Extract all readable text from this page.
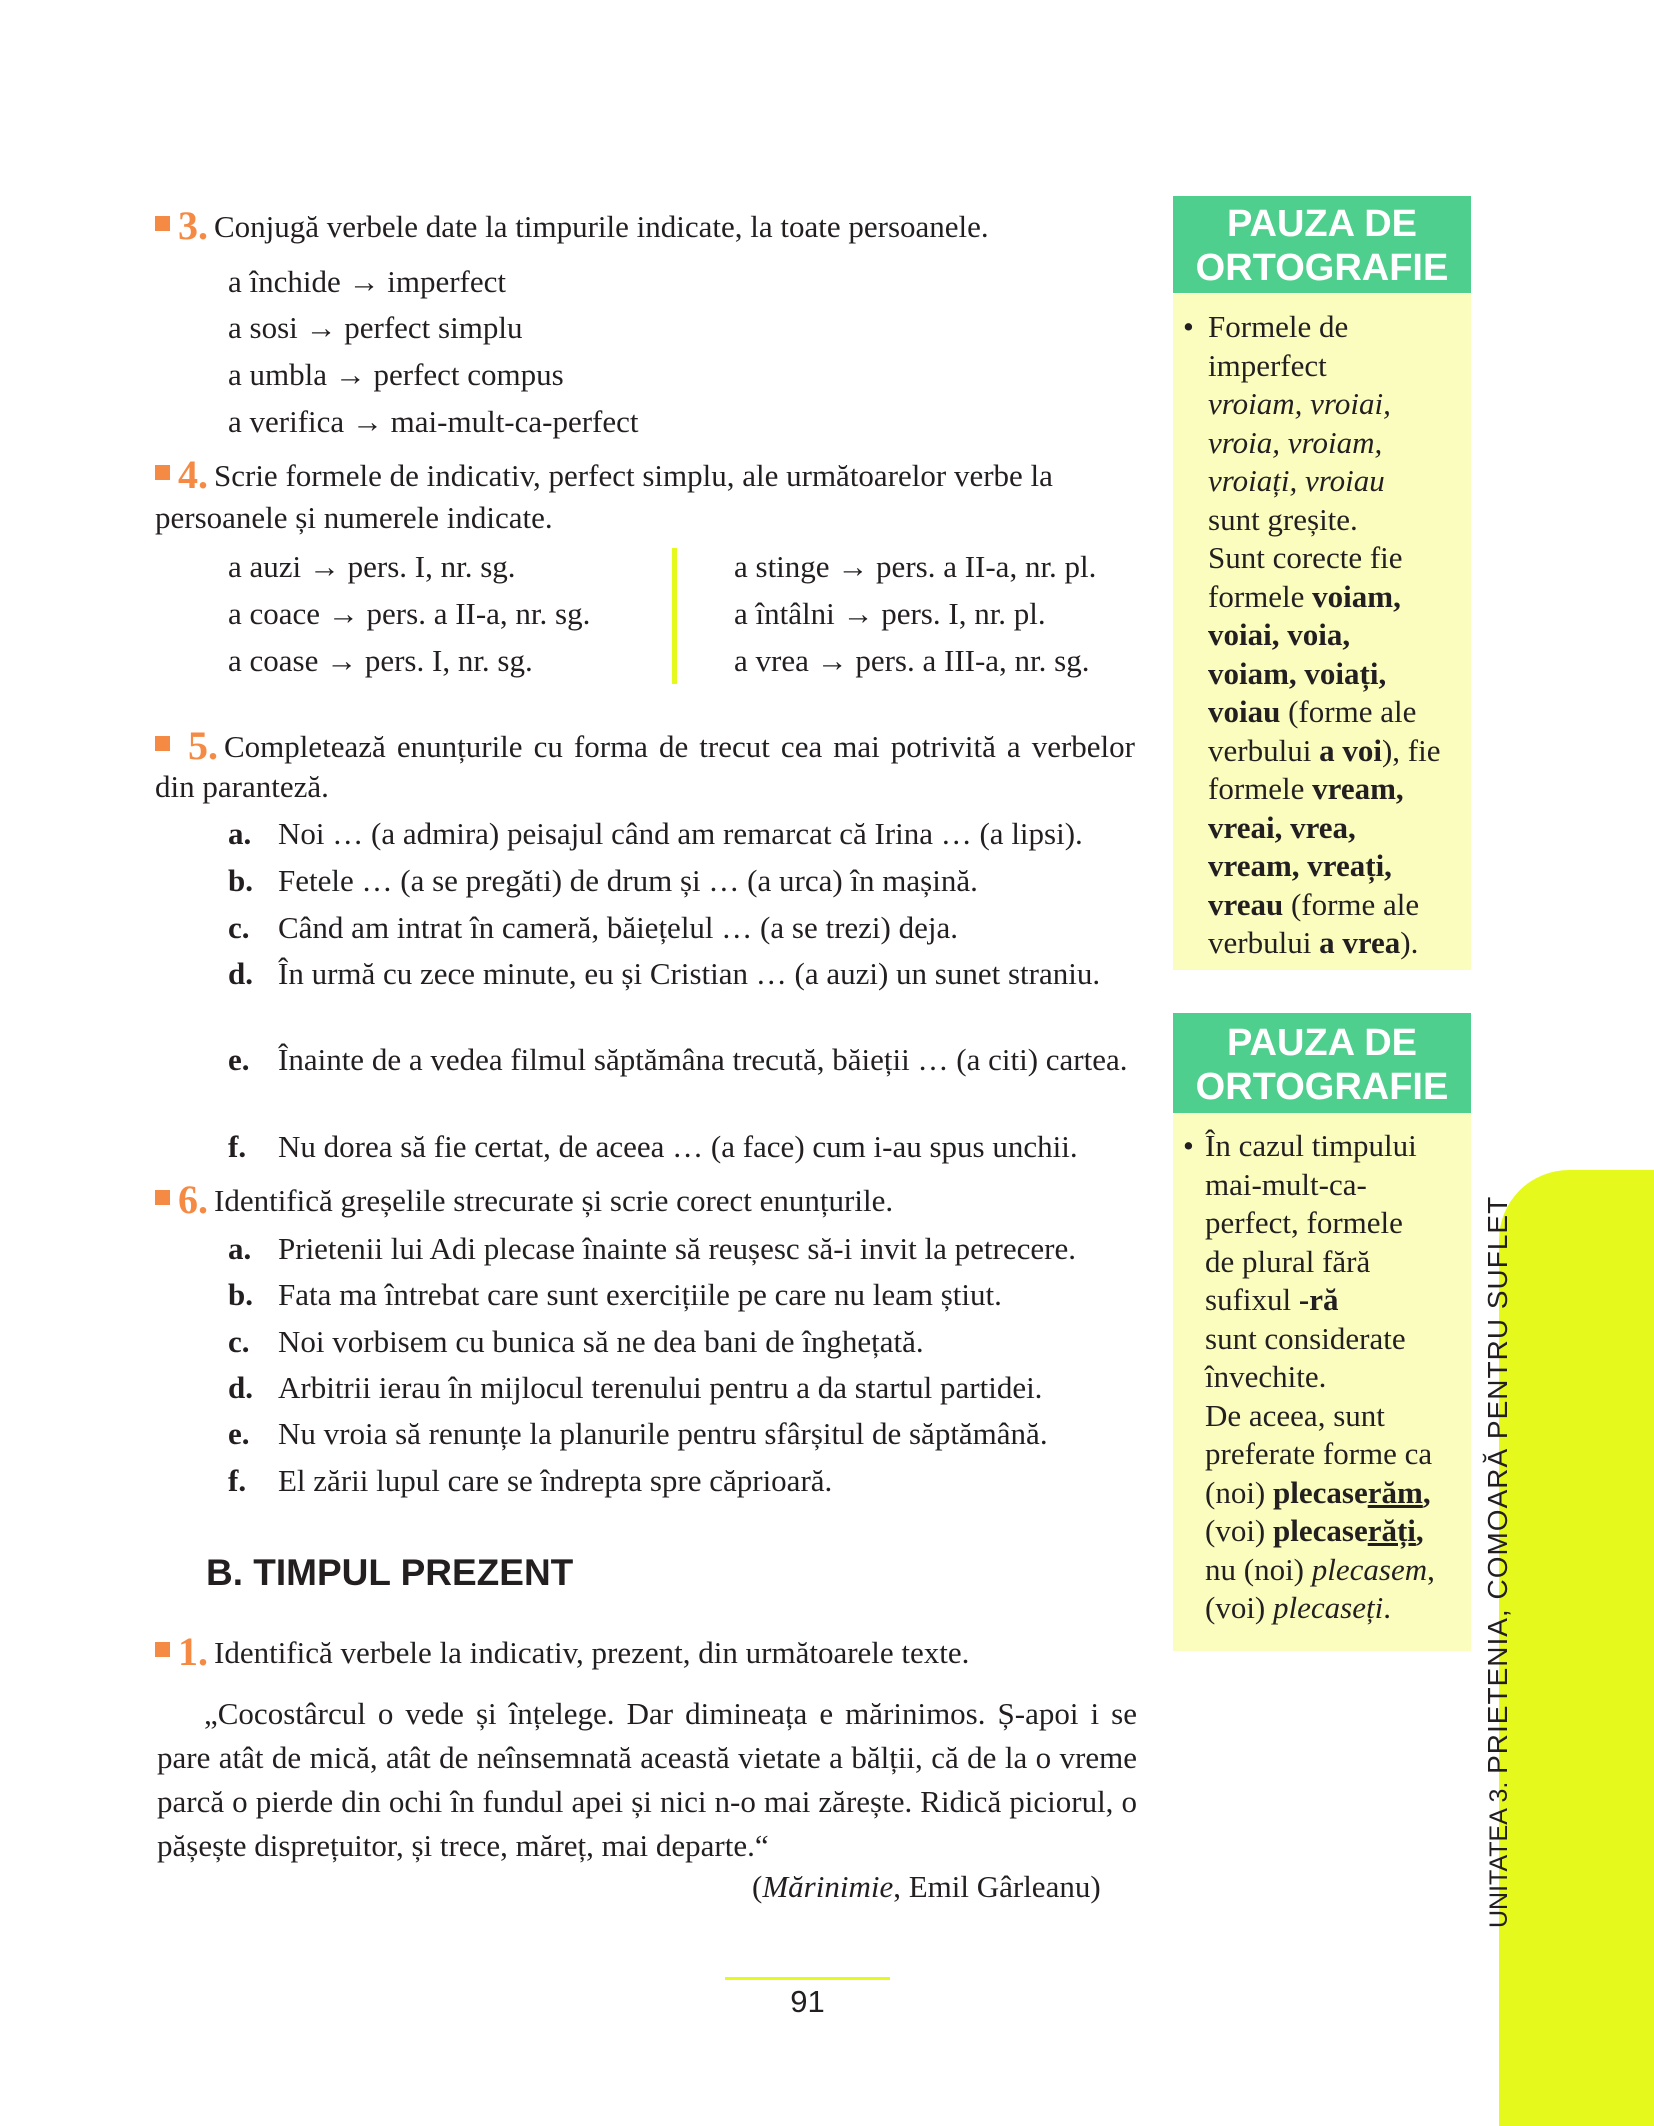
3. Conjugă verbele date la timpurile indicate, la toate persoanele.
a închide → imperfect
a sosi → perfect simplu
a umbla → perfect compus
a verifica → mai-mult-ca-perfect
4. Scrie formele de indicativ, perfect simplu, ale următoarelor verbe la persoanele și numerele indicate.
a auzi → pers. I, nr. sg.
a coace → pers. a II-a, nr. sg.
a coase → pers. I, nr. sg.
a stinge → pers. a II-a, nr. pl.
a întâlni → pers. I, nr. pl.
a vrea → pers. a III-a, nr. sg.
5. Completează enunțurile cu forma de trecut cea mai potrivită a verbelor din paranteză.
a. Noi … (a admira) peisajul când am remarcat că Irina … (a lipsi).
b. Fetele … (a se pregăti) de drum și … (a urca) în mașină.
c. Când am intrat în cameră, băiețelul … (a se trezi) deja.
d. În urmă cu zece minute, eu și Cristian … (a auzi) un sunet straniu.
e. Înainte de a vedea filmul săptămâna trecută, băieții … (a citi) cartea.
f. Nu dorea să fie certat, de aceea … (a face) cum i-au spus unchii.
6. Identifică greșelile strecurate și scrie corect enunțurile.
a. Prietenii lui Adi plecase înainte să reușesc să-i invit la petrecere.
b. Fata ma întrebat care sunt exercițiile pe care nu leam știut.
c. Noi vorbisem cu bunica să ne dea bani de înghețată.
d. Arbitrii ierau în mijlocul terenului pentru a da startul partidei.
e. Nu vroia să renunțe la planurile pentru sfârșitul de săptămână.
f. El zării lupul care se îndrepta spre căprioară.
B. TIMPUL PREZENT
1. Identifică verbele la indicativ, prezent, din următoarele texte.
„Cocostârcul o vede și înțelege. Dar dimineața e mărinimos. Ș-apoi i se pare atât de mică, atât de neînsemnată această vietate a bălții, că de la o vreme parcă o pierde din ochi în fundul apei și nici n-o mai zărește. Ridică piciorul, o pășește disprețuitor, și trece, măreț, mai departe.“
(Mărinimie, Emil Gârleanu)
PAUZA DE
ORTOGRAFIE
• Formele de
imperfect
vroiam, vroiai,
vroia, vroiam,
vroiați, vroiau
sunt greșite.
Sunt corecte fie
formele voiam,
voiai, voia,
voiam, voiați,
voiau (forme ale
verbului a voi), fie
formele vream,
vreai, vrea,
vream, vreați,
vreau (forme ale
verbului a vrea).
PAUZA DE
ORTOGRAFIE
• În cazul timpului
mai-mult-ca-
perfect, formele
de plural fără
sufixul -ră
sunt considerate
învechite.
De aceea, sunt
preferate forme ca
(noi) plecaserăm,
(voi) plecaserăți,
nu (noi) plecasem,
(voi) plecaseți.
UNITATEA 3. PRIETENIA, COMOARĂ PENTRU SUFLET
91
